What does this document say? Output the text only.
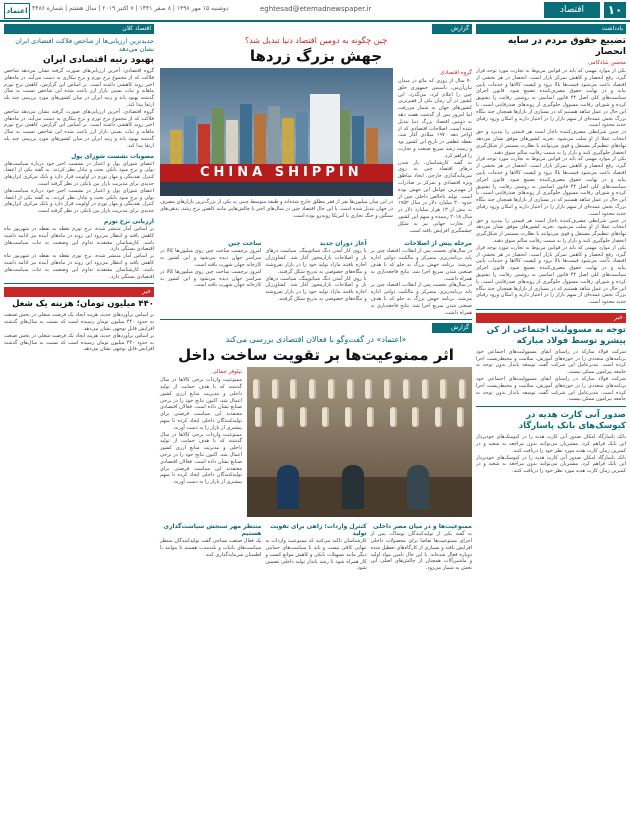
۱۰
اقتصاد
eghtesad@etemadnewspaper.ir
دوشنبه ۱۵ مهر ۱۳۹۸ | ۸ صفر ۱۴۴۱ | ۷ اکتبر ۲۰۱۹ | سال هشتم | شماره ۴۴۸۶
اعتماد
یادداشت
تضییع حقوق مردم در سایه انحصار
محسن شادکامی

یکی از موارد مهمی که باید در قوانین مربوط به تجارت مورد توجه قرار گیرد، رفع انحصار و کاهش تمرکز بازار است. انحصار در هر بخشی از اقتصاد باعث می‌شود قیمت‌ها بالا برود و کیفیت کالاها و خدمات پایین بیاید و در نهایت حقوق مصرف‌کننده تضییع شود. قانون اجرای سیاست‌های کلی اصل ۴۴ قانون اساسی به روشنی رقابت را تشویق کرده و شورای رقابت مسوول جلوگیری از رویه‌های ضدرقابتی است. با این حال در عمل شاهد هستیم که در بسیاری از بازارها همچنان چند بنگاه بزرگ بخش عمده‌ای از سهم بازار را در اختیار دارند و امکان ورود رقبای جدید محدود است.

در چنین شرایطی مصرف‌کننده ناچار است هر قیمتی را بپذیرد و حق انتخاب عملا از او سلب می‌شود. تجربه کشورهای موفق نشان می‌دهد نهادهای تنظیم‌گر مستقل و قوی می‌توانند با نظارت مستمر از شکل‌گیری انحصار جلوگیری کنند و بازار را به سمت رقابت سالم سوق دهند.

یکی از موارد مهمی که باید در قوانین مربوط به تجارت مورد توجه قرار گیرد، رفع انحصار و کاهش تمرکز بازار است. انحصار در هر بخشی از اقتصاد باعث می‌شود قیمت‌ها بالا برود و کیفیت کالاها و خدمات پایین بیاید و در نهایت حقوق مصرف‌کننده تضییع شود. قانون اجرای سیاست‌های کلی اصل ۴۴ قانون اساسی به روشنی رقابت را تشویق کرده و شورای رقابت مسوول جلوگیری از رویه‌های ضدرقابتی است. با این حال در عمل شاهد هستیم که در بسیاری از بازارها همچنان چند بنگاه بزرگ بخش عمده‌ای از سهم بازار را در اختیار دارند و امکان ورود رقبای جدید محدود است.

در چنین شرایطی مصرف‌کننده ناچار است هر قیمتی را بپذیرد و حق انتخاب عملا از او سلب می‌شود. تجربه کشورهای موفق نشان می‌دهد نهادهای تنظیم‌گر مستقل و قوی می‌توانند با نظارت مستمر از شکل‌گیری انحصار جلوگیری کنند و بازار را به سمت رقابت سالم سوق دهند.

یکی از موارد مهمی که باید در قوانین مربوط به تجارت مورد توجه قرار گیرد، رفع انحصار و کاهش تمرکز بازار است. انحصار در هر بخشی از اقتصاد باعث می‌شود قیمت‌ها بالا برود و کیفیت کالاها و خدمات پایین بیاید و در نهایت حقوق مصرف‌کننده تضییع شود. قانون اجرای سیاست‌های کلی اصل ۴۴ قانون اساسی به روشنی رقابت را تشویق کرده و شورای رقابت مسوول جلوگیری از رویه‌های ضدرقابتی است. با این حال در عمل شاهد هستیم که در بسیاری از بازارها همچنان چند بنگاه بزرگ بخش عمده‌ای از سهم بازار را در اختیار دارند و امکان ورود رقبای جدید محدود است.

خبر
توجه به مسوولیت اجتماعی از کن پیشرو توسط فولاد مبارکه

شرکت فولاد مبارکه در راستای ایفای مسوولیت‌های اجتماعی خود برنامه‌های متعددی را در حوزه‌های آموزش، سلامت و محیط‌زیست اجرا کرده است. مدیرعامل این شرکت گفت توسعه پایدار بدون توجه به جامعه پیرامون ممکن نیست.

شرکت فولاد مبارکه در راستای ایفای مسوولیت‌های اجتماعی خود برنامه‌های متعددی را در حوزه‌های آموزش، سلامت و محیط‌زیست اجرا کرده است. مدیرعامل این شرکت گفت توسعه پایدار بدون توجه به جامعه پیرامون ممکن نیست.

صدور آنی کارت هدیه در کیوسک‌های بانک پاسارگاد

بانک پاسارگاد امکان صدور آنی کارت هدیه را در کیوسک‌های خودپرداز این بانک فراهم کرد. مشتریان می‌توانند بدون مراجعه به شعبه و در کمترین زمان کارت هدیه مورد نظر خود را دریافت کنند.

بانک پاسارگاد امکان صدور آنی کارت هدیه را در کیوسک‌های خودپرداز این بانک فراهم کرد. مشتریان می‌توانند بدون مراجعه به شعبه و در کمترین زمان کارت هدیه مورد نظر خود را دریافت کنند.

اقتصاد کلان
جدیدترین ارزیابی‌ها از شاخص فلاکت اقتصادی ایران نشان می‌دهد
بهبود رتبه اقتصادی ایران

گروه اقتصادی: آخرین ارزیابی‌های صورت گرفته نشان می‌دهد شاخص فلاکت که از مجموع نرخ تورم و نرخ بیکاری به دست می‌آید، در ماه‌های اخیر روند کاهشی داشته است. بر اساس این گزارش، کاهش نرخ تورم ماهانه و ثبات نسبی بازار ارز باعث شده این شاخص نسبت به سال گذشته بهبود یابد و رتبه ایران در میان کشورهای مورد بررسی چند پله ارتقا پیدا کند.

گروه اقتصادی: آخرین ارزیابی‌های صورت گرفته نشان می‌دهد شاخص فلاکت که از مجموع نرخ تورم و نرخ بیکاری به دست می‌آید، در ماه‌های اخیر روند کاهشی داشته است. بر اساس این گزارش، کاهش نرخ تورم ماهانه و ثبات نسبی بازار ارز باعث شده این شاخص نسبت به سال گذشته بهبود یابد و رتبه ایران در میان کشورهای مورد بررسی چند پله ارتقا پیدا کند.

مصوبات نشست شورای پول

اعضای شورای پول و اعتبار در نشست اخیر خود درباره سیاست‌های پولی و نرخ سود بانکی بحث و تبادل نظر کردند. به گفته یکی از اعضا، کنترل نقدینگی و مهار تورم در اولویت قرار دارد و بانک مرکزی ابزارهای جدیدی برای مدیریت بازار بین بانکی در نظر گرفته است.

اعضای شورای پول و اعتبار در نشست اخیر خود درباره سیاست‌های پولی و نرخ سود بانکی بحث و تبادل نظر کردند. به گفته یکی از اعضا، کنترل نقدینگی و مهار تورم در اولویت قرار دارد و بانک مرکزی ابزارهای جدیدی برای مدیریت بازار بین بانکی در نظر گرفته است.

ارزیابی نرخ تورم

بر اساس آمار منتشر شده، نرخ تورم نقطه به نقطه در شهریور ماه کاهش یافته و انتظار می‌رود این روند در ماه‌های آینده نیز ادامه داشته باشد. کارشناسان معتقدند تداوم این وضعیت به ثبات سیاست‌های اقتصادی بستگی دارد.

بر اساس آمار منتشر شده، نرخ تورم نقطه به نقطه در شهریور ماه کاهش یافته و انتظار می‌رود این روند در ماه‌های آینده نیز ادامه داشته باشد. کارشناسان معتقدند تداوم این وضعیت به ثبات سیاست‌های اقتصادی بستگی دارد.

خبر
۴۴۰ میلیون تومان؛ هزینه یک شغل

بر اساس برآوردهای جدید، هزینه ایجاد یک فرصت شغلی در بخش صنعت به حدود ۴۴۰ میلیون تومان رسیده است که نسبت به سال‌های گذشته افزایش قابل توجهی نشان می‌دهد.

بر اساس برآوردهای جدید، هزینه ایجاد یک فرصت شغلی در بخش صنعت به حدود ۴۴۰ میلیون تومان رسیده است که نسبت به سال‌های گذشته افزایش قابل توجهی نشان می‌دهد.

گزارش
چین چگونه به دومین اقتصاد دنیا تبدیل شد؟
جهش بزرگ زردها
گروه اقتصادی

۷۰ سال از روزی که مائو در میدان تیان‌آن‌من، تاسیس جمهوری خلق چین را اعلام کرد، می‌گذرد. این کشور در آن زمان یکی از فقیرترین کشورهای جهان به شمار می‌رفت اما امروز پس از گذشت هفت دهه به دومین اقتصاد بزرگ دنیا تبدیل شده است. اصلاحات اقتصادی که از اواخر دهه ۱۹۷۰ میلادی آغاز شد، نقطه عطفی در تاریخ این کشور بود و زمینه رشد سریع صنعت و تجارت را فراهم کرد.

به گفته کارشناسان، باز شدن درهای اقتصاد چین به روی سرمایه‌گذاری خارجی، ایجاد مناطق ویژه اقتصادی و تمرکز بر صادرات از مهم‌ترین عوامل این جهش بوده است. تولید ناخالص داخلی چین از حدود ۳۰ میلیارد دلار در سال ۱۹۵۲ به بیش از ۱۳ هزار میلیارد دلار در سال ۲۰۱۸ رسیده و سهم این کشور از تجارت جهانی نیز به شکل چشمگیری افزایش یافته است.

CHINA SHIPPIN

در این میان میلیون‌ها نفر از فقر مطلق خارج شده‌اند و طبقه متوسط چینی به یکی از بزرگ‌ترین بازارهای مصرف در جهان تبدیل شده است. با این حال اقتصاد چین در سال‌های اخیر با چالش‌هایی مانند کاهش نرخ رشد، بدهی‌های سنگین و جنگ تجاری با امریکا روبه‌رو بوده است.

مرحله پیش از اصلاحات

در سال‌های نخست پس از انقلاب، اقتصاد چین بر پایه برنامه‌ریزی متمرکز و مالکیت دولتی اداره می‌شد. برنامه جهش بزرگ به جلو که با هدف صنعتی شدن سریع اجرا شد، نتایج فاجعه‌باری به همراه داشت.

در سال‌های نخست پس از انقلاب، اقتصاد چین بر پایه برنامه‌ریزی متمرکز و مالکیت دولتی اداره می‌شد. برنامه جهش بزرگ به جلو که با هدف صنعتی شدن سریع اجرا شد، نتایج فاجعه‌باری به همراه داشت.

آغاز دوران جدید

با روی کار آمدن دنگ شیائوپینگ، سیاست درهای باز و اصلاحات بازارمحور آغاز شد. کشاورزان اجازه یافتند مازاد تولید خود را در بازار بفروشند و بنگاه‌های خصوصی به تدریج شکل گرفتند.

با روی کار آمدن دنگ شیائوپینگ، سیاست درهای باز و اصلاحات بازارمحور آغاز شد. کشاورزان اجازه یافتند مازاد تولید خود را در بازار بفروشند و بنگاه‌های خصوصی به تدریج شکل گرفتند.

ساخت چین

امروز برچسب ساخت چین روی میلیون‌ها کالا در سراسر جهان دیده می‌شود و این کشور به کارخانه جهان شهرت یافته است.

امروز برچسب ساخت چین روی میلیون‌ها کالا در سراسر جهان دیده می‌شود و این کشور به کارخانه جهان شهرت یافته است.

گزارش
«اعتماد» در گفت‌وگو با فعالان اقتصادی بررسی می‌کند
اثر ممنوعیت‌ها بر تقویت ساخت داخل
نیلوفر جمالی

ممنوعیت واردات برخی کالاها در سال گذشته که با هدف حمایت از تولید داخلی و مدیریت منابع ارزی کشور اعمال شد، اکنون نتایج خود را در برخی صنایع نشان داده است. فعالان اقتصادی معتقدند این سیاست فرصتی برای تولیدکنندگان داخلی ایجاد کرده تا سهم بیشتری از بازار را به دست آورند.

ممنوعیت واردات برخی کالاها در سال گذشته که با هدف حمایت از تولید داخلی و مدیریت منابع ارزی کشور اعمال شد، اکنون نتایج خود را در برخی صنایع نشان داده است. فعالان اقتصادی معتقدند این سیاست فرصتی برای تولیدکنندگان داخلی ایجاد کرده تا سهم بیشتری از بازار را به دست آورند.

ممنوعیت‌ها و در میان مصر داخلی

به گفته یکی از تولیدکنندگان پوشاک، پس از اجرای ممنوعیت‌ها تقاضا برای محصولات داخلی افزایش یافته و بسیاری از کارگاه‌های تعطیل شده دوباره فعال شده‌اند. با این حال تامین مواد اولیه و ماشین‌آلات همچنان از چالش‌های اصلی این بخش به شمار می‌رود.

کنترل واردات؛ راهی برای تقویت تولید

کارشناسان تاکید می‌کنند که ممنوعیت واردات به تنهایی کافی نیست و باید با سیاست‌های حمایتی دیگر مانند تسهیلات بانکی و کاهش موانع کسب و کار همراه شود تا رشد پایدار تولید داخلی تضمین شود.

منتظر مهر سنجش سیاست‌گذاری هستیم

یک فعال صنعت نساجی گفت تولیدکنندگان منتظر سیاست‌های باثبات و بلندمدت هستند تا بتوانند با اطمینان سرمایه‌گذاری کنند.
